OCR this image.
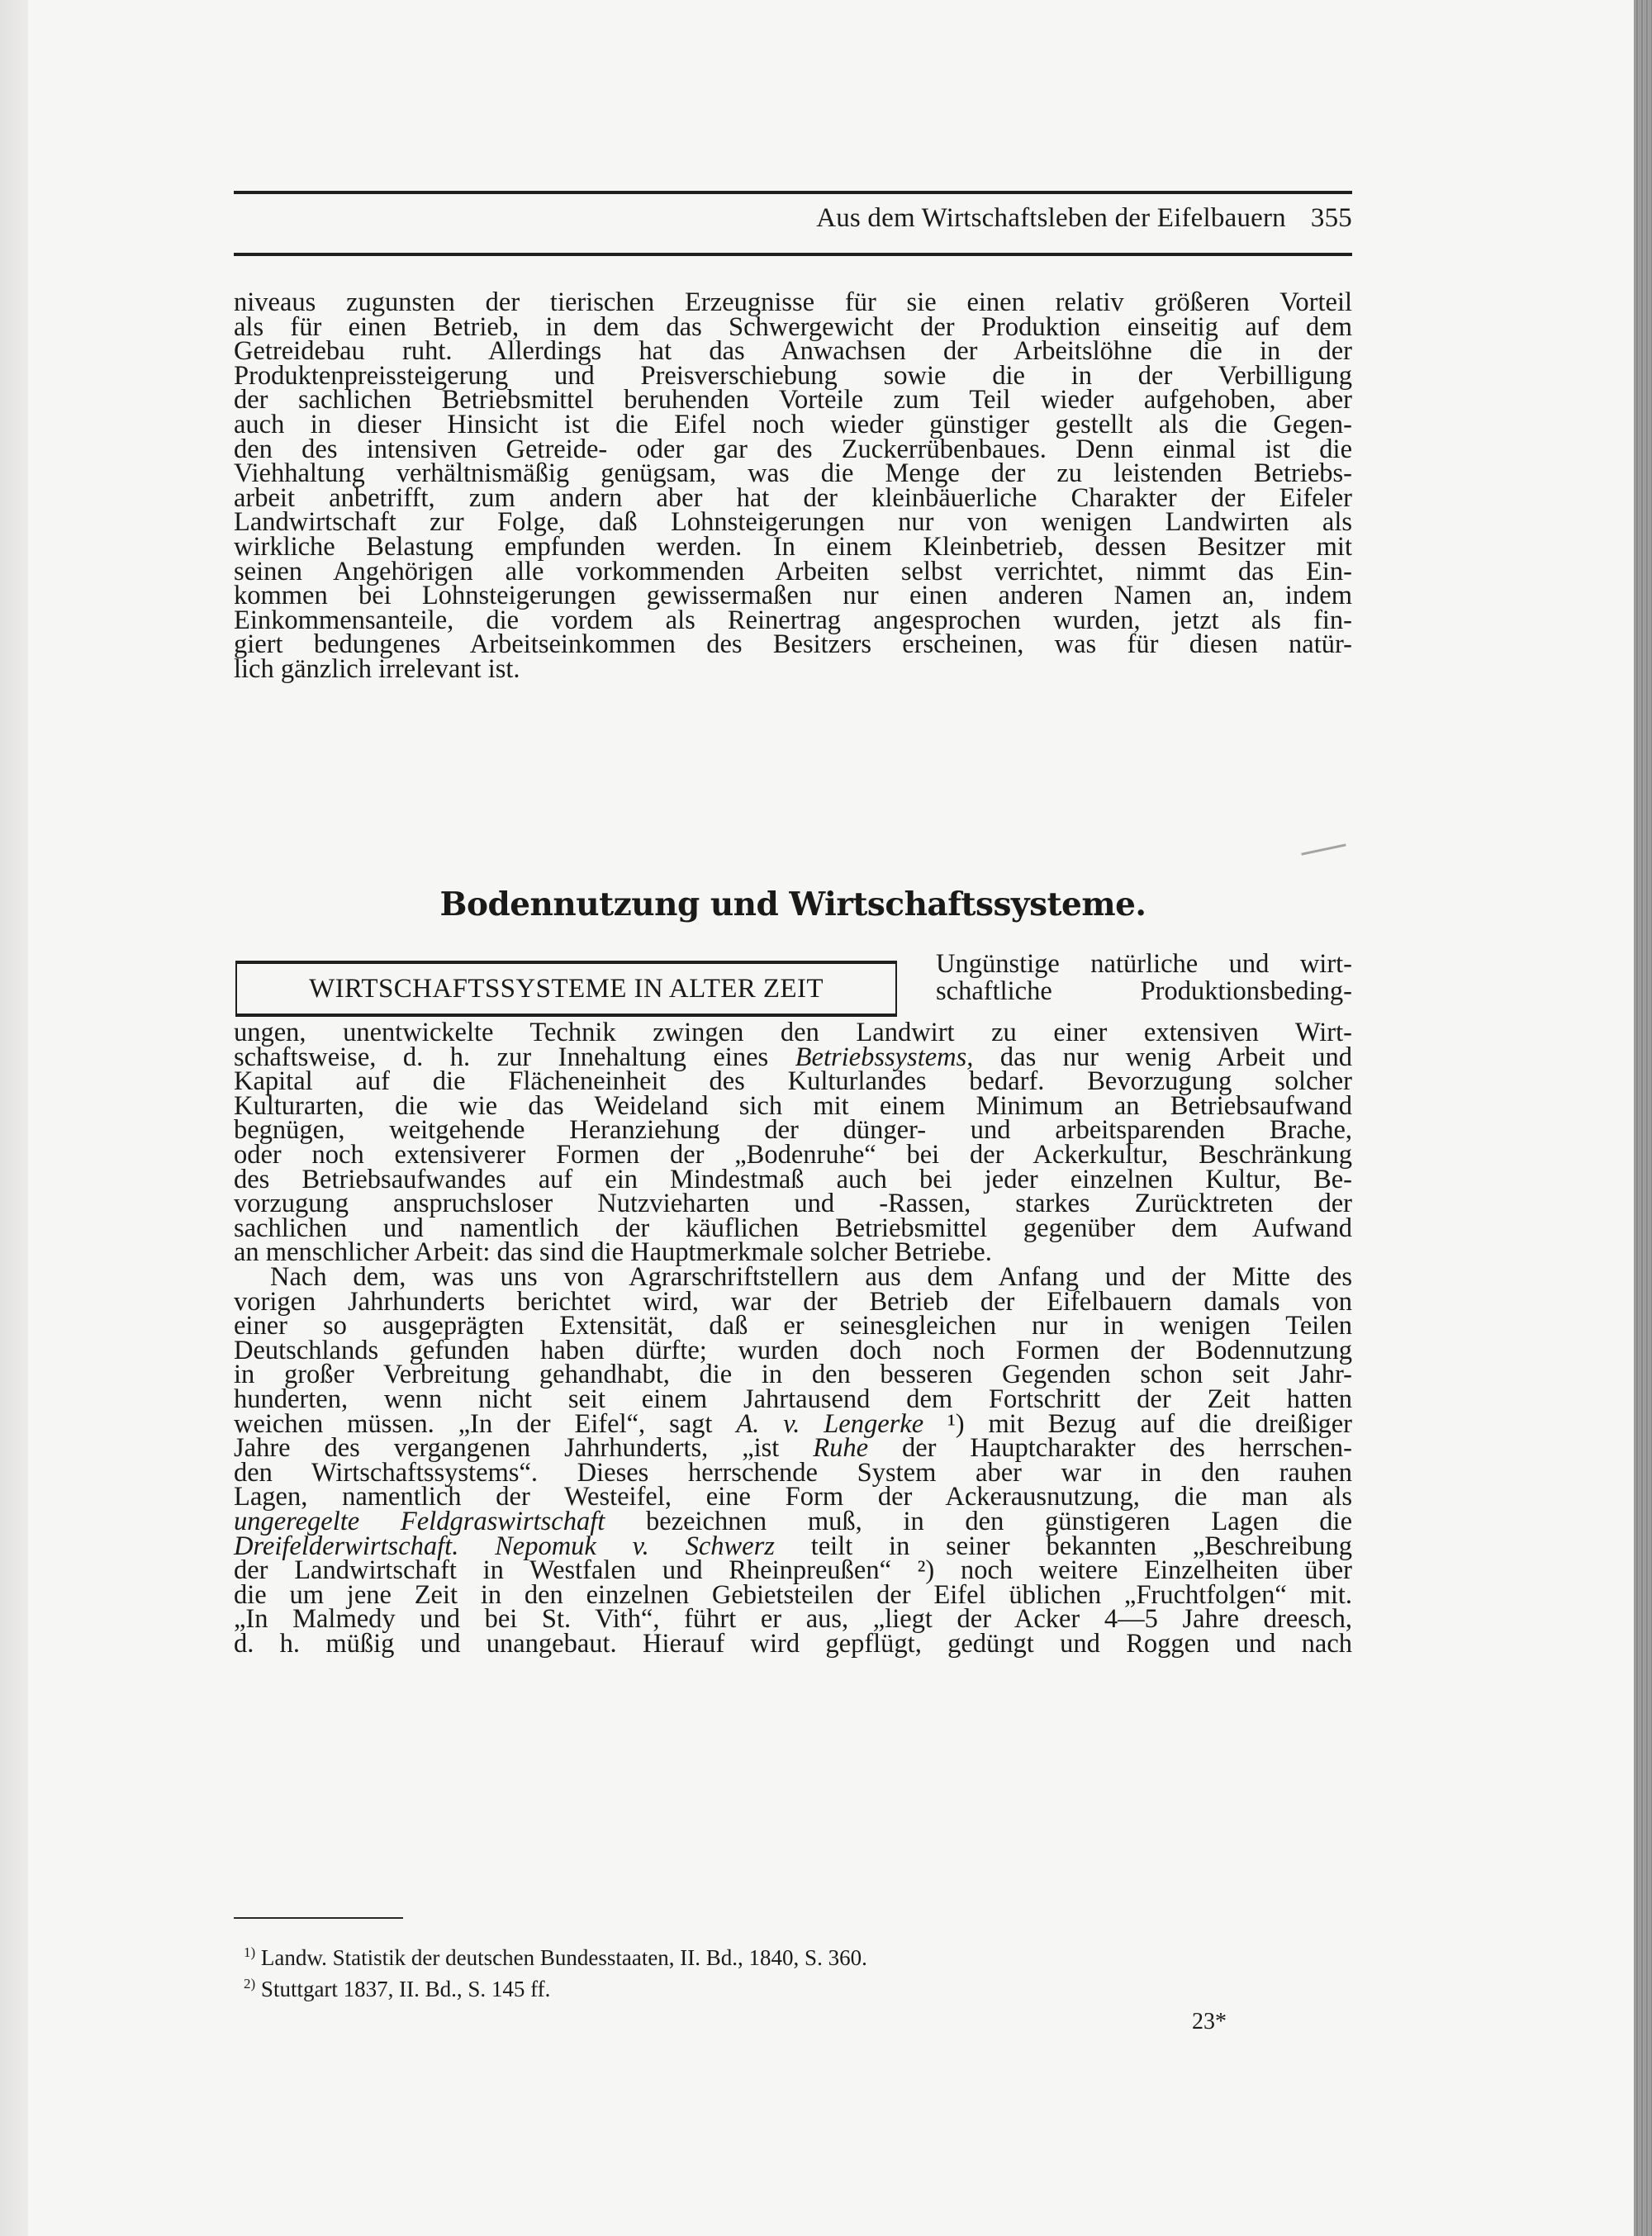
Aus dem Wirtschaftsleben der Eifelbauern 355
niveaus zugunsten der tierischen Erzeugnisse für sie einen relativ größeren Vorteil
als für einen Betrieb, in dem das Schwergewicht der Produktion einseitig auf dem
Getreidebau ruht. Allerdings hat das Anwachsen der Arbeitslöhne die in der
Produktenpreissteigerung und Preisverschiebung sowie die in der Verbilligung
der sachlichen Betriebsmittel beruhenden Vorteile zum Teil wieder aufgehoben, aber
auch in dieser Hinsicht ist die Eifel noch wieder günstiger gestellt als die Gegen-
den des intensiven Getreide- oder gar des Zuckerrübenbaues. Denn einmal ist die
Viehhaltung verhältnismäßig genügsam, was die Menge der zu leistenden Betriebs-
arbeit anbetrifft, zum andern aber hat der kleinbäuerliche Charakter der Eifeler
Landwirtschaft zur Folge, daß Lohnsteigerungen nur von wenigen Landwirten als
wirkliche Belastung empfunden werden. In einem Kleinbetrieb, dessen Besitzer mit
seinen Angehörigen alle vorkommenden Arbeiten selbst verrichtet, nimmt das Ein-
kommen bei Lohnsteigerungen gewissermaßen nur einen anderen Namen an, indem
Einkommensanteile, die vordem als Reinertrag angesprochen wurden, jetzt als fin-
giert bedungenes Arbeitseinkommen des Besitzers erscheinen, was für diesen natür-
lich gänzlich irrelevant ist.
Bodennutzung und Wirtschaftssysteme.
WIRTSCHAFTSSYSTEME IN ALTER ZEIT
Ungünstige natürliche und wirt-
schaftliche Produktionsbeding-
ungen, unentwickelte Technik zwingen den Landwirt zu einer extensiven Wirt-
schaftsweise, d. h. zur Innehaltung eines Betriebssystems, das nur wenig Arbeit und
Kapital auf die Flächeneinheit des Kulturlandes bedarf. Bevorzugung solcher
Kulturarten, die wie das Weideland sich mit einem Minimum an Betriebsaufwand
begnügen, weitgehende Heranziehung der dünger- und arbeitsparenden Brache,
oder noch extensiverer Formen der „Bodenruhe“ bei der Ackerkultur, Beschränkung
des Betriebsaufwandes auf ein Mindestmaß auch bei jeder einzelnen Kultur, Be-
vorzugung anspruchsloser Nutzvieharten und -Rassen, starkes Zurücktreten der
sachlichen und namentlich der käuflichen Betriebsmittel gegenüber dem Aufwand
an menschlicher Arbeit: das sind die Hauptmerkmale solcher Betriebe.
Nach dem, was uns von Agrarschriftstellern aus dem Anfang und der Mitte des
vorigen Jahrhunderts berichtet wird, war der Betrieb der Eifelbauern damals von
einer so ausgeprägten Extensität, daß er seinesgleichen nur in wenigen Teilen
Deutschlands gefunden haben dürfte; wurden doch noch Formen der Bodennutzung
in großer Verbreitung gehandhabt, die in den besseren Gegenden schon seit Jahr-
hunderten, wenn nicht seit einem Jahrtausend dem Fortschritt der Zeit hatten
weichen müssen. „In der Eifel“, sagt A. v. Lengerke ¹) mit Bezug auf die dreißiger
Jahre des vergangenen Jahrhunderts, „ist Ruhe der Hauptcharakter des herrschen-
den Wirtschaftssystems“. Dieses herrschende System aber war in den rauhen
Lagen, namentlich der Westeifel, eine Form der Ackerausnutzung, die man als
ungeregelte Feldgraswirtschaft bezeichnen muß, in den günstigeren Lagen die
Dreifelderwirtschaft. Nepomuk v. Schwerz teilt in seiner bekannten „Beschreibung
der Landwirtschaft in Westfalen und Rheinpreußen“ ²) noch weitere Einzelheiten über
die um jene Zeit in den einzelnen Gebietsteilen der Eifel üblichen „Fruchtfolgen“ mit.
„In Malmedy und bei St. Vith“, führt er aus, „liegt der Acker 4—5 Jahre dreesch,
d. h. müßig und unangebaut. Hierauf wird gepflügt, gedüngt und Roggen und nach
$^{1)}$ Landw. Statistik der deutschen Bundesstaaten, II. Bd., 1840, S. 360.
$^{2)}$ Stuttgart 1837, II. Bd., S. 145 ff.
23*
